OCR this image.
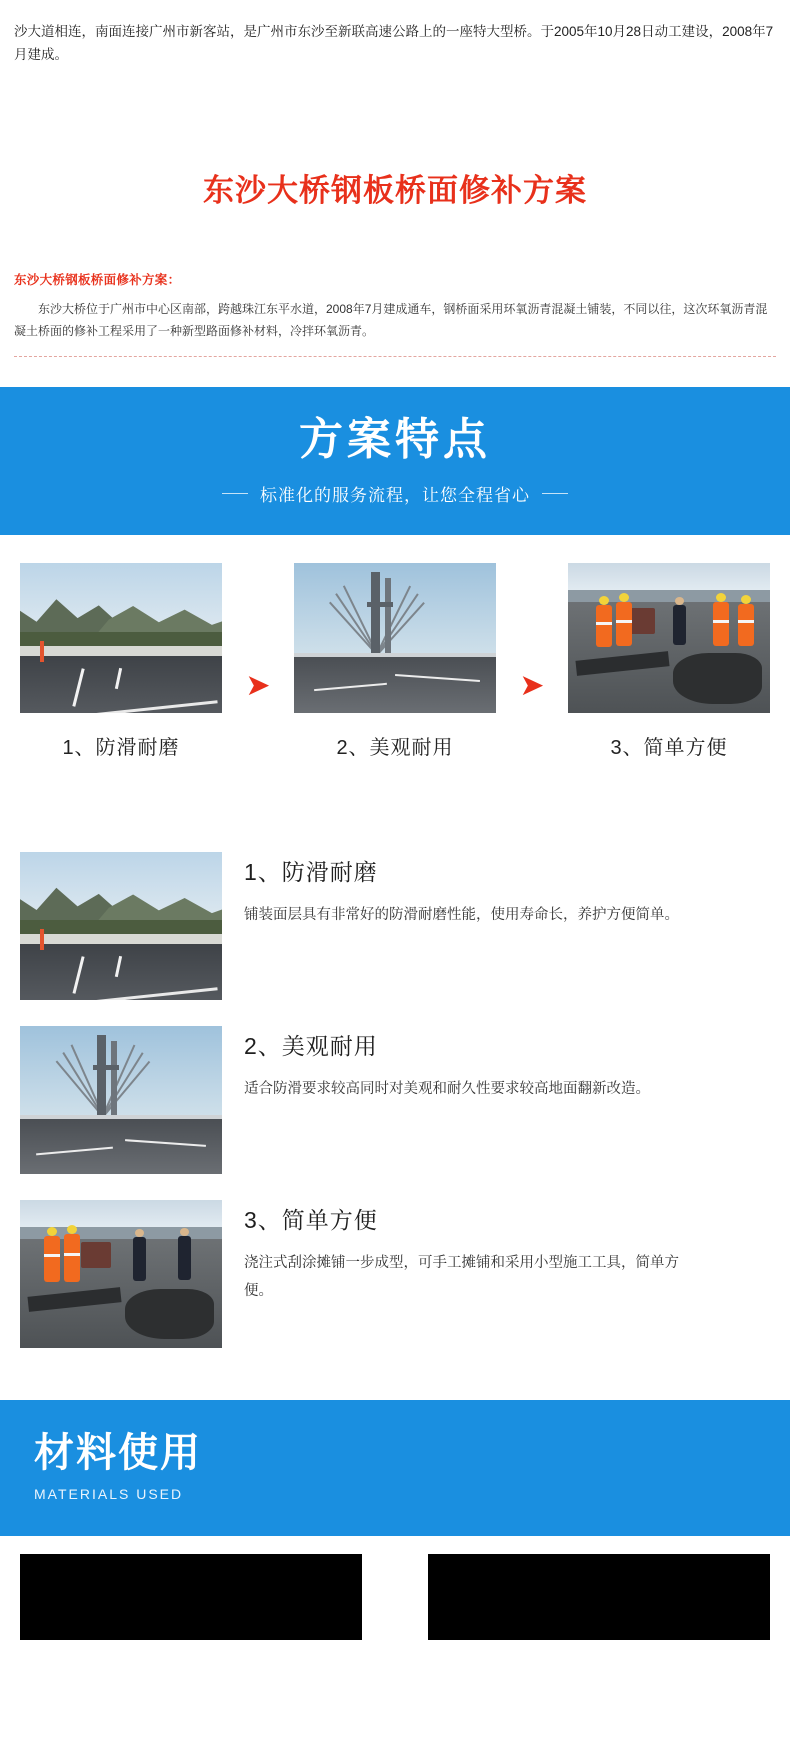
沙大道相连，南面连接广州市新客站，是广州市东沙至新联高速公路上的一座特大型桥。于2005年10月28日动工建设，2008年7月建成。

东沙大桥钢板桥面修补方案
东沙大桥钢板桥面修补方案：
东沙大桥位于广州市中心区南部，跨越珠江东平水道，2008年7月建成通车，钢桥面采用环氧沥青混凝土铺装，不同以往，这次环氧沥青混凝土桥面的修补工程采用了一种新型路面修补材料，冷拌环氧沥青。
方案特点
标准化的服务流程，让您全程省心
1、防滑耐磨
➤
2、美观耐用
➤
3、简单方便
1、防滑耐磨
铺装面层具有非常好的防滑耐磨性能，使用寿命长，养护方便简单。
2、美观耐用
适合防滑要求较高同时对美观和耐久性要求较高地面翻新改造。
3、简单方便
浇注式刮涂摊铺一步成型，可手工摊铺和采用小型施工工具，简单方便。
材料使用
MATERIALS USED
